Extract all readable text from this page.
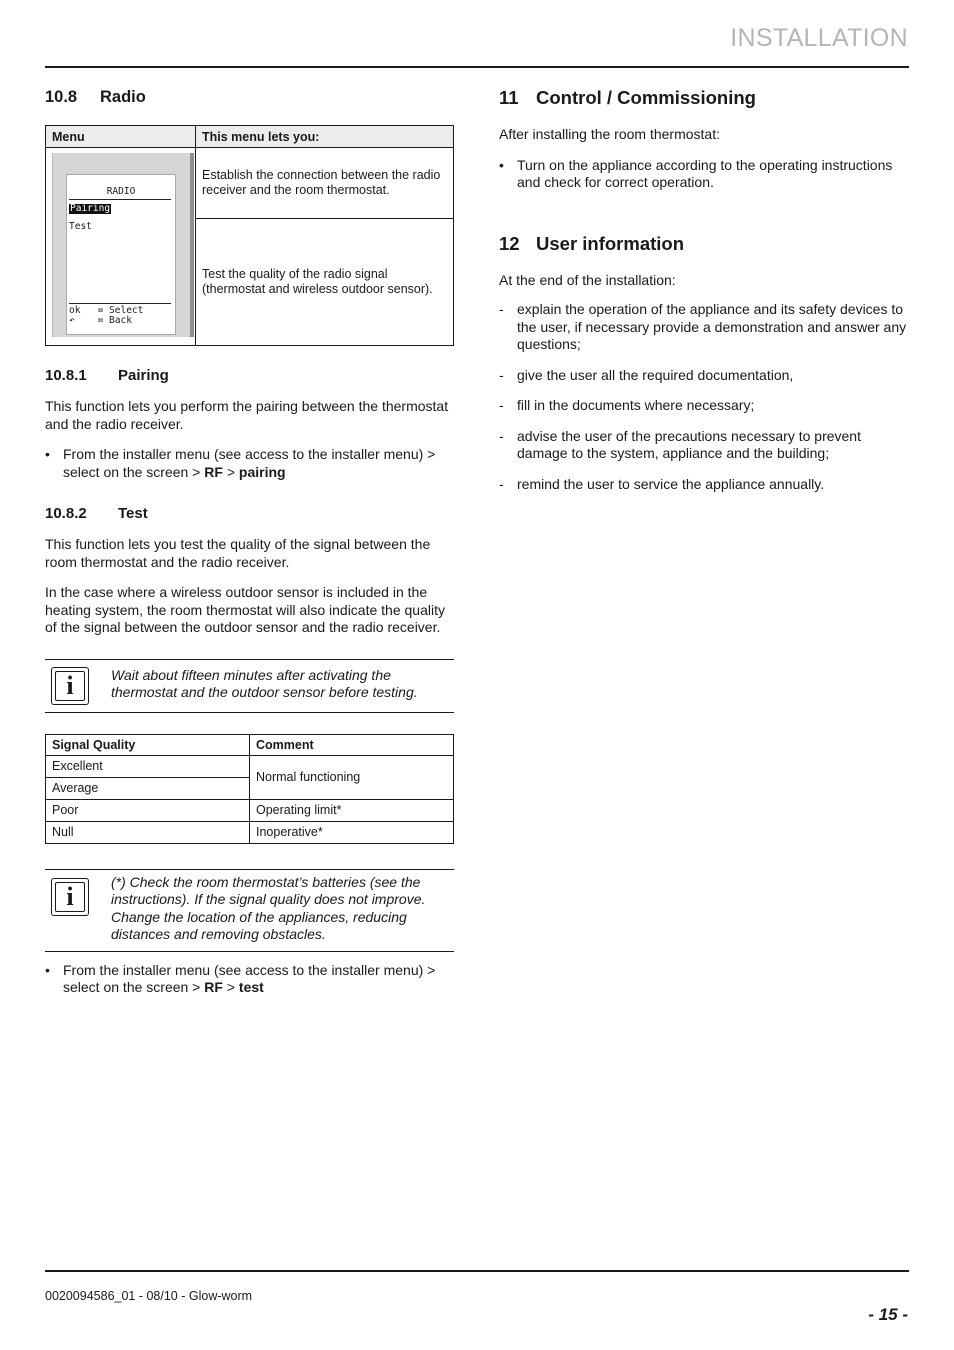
INSTALLATION
10.8	Radio
Menu	This menu lets you:

RADIO
Pairing
Test
ok   = Select
↶    = Back	Establish the connection between the radio receiver and the room thermostat.
	Test the quality of the radio signal (thermostat and wireless outdoor sensor).
10.8.1	Pairing

This function lets you perform the pairing between the thermostat and the radio receiver.

• From the installer menu (see access to the installer menu) > select on the screen > RF > pairing
10.8.2	Test

This function lets you test the quality of the signal between the room thermostat and the radio receiver.

In the case where a wireless outdoor sensor is included in the heating system, the room thermostat will also indicate the quality of the signal between the outdoor sensor and the radio receiver.

i	Wait about fifteen minutes after activating the thermostat and the outdoor sensor before testing.
Signal Quality	Comment
Excellent	Normal functioning
Average	
Poor	Operating limit*
Null	Inoperative*
i	(*) Check the room thermostat’s batteries (see the instructions). If the signal quality does not improve. Change the location of the appliances, reducing distances and removing obstacles.
• From the installer menu (see access to the installer menu) > select on the screen > RF > test
11 Control / Commissioning

After installing the room thermostat:

• Turn on the appliance according to the operating instructions and check for correct operation.
12 User information

At the end of the installation:

- explain the operation of the appliance and its safety devices to the user, if necessary provide a demonstration and answer any questions;
- give the user all the required documentation,
- fill in the documents where necessary;
- advise the user of the precautions necessary to prevent damage to the system, appliance and the building;
- remind the user to service the appliance annually.
0020094586_01 - 08/10 - Glow-worm
- 15 -
